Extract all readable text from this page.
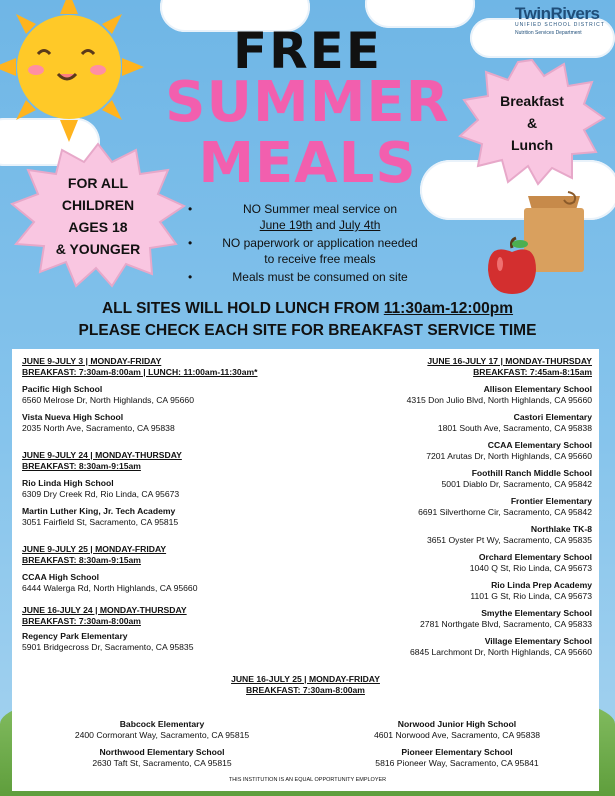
TwinRivers
UNIFIED SCHOOL DISTRICT
Nutrition Services Department
FREE
SUMMER
MEALS
FOR ALL
CHILDREN
AGES 18
& YOUNGER
Breakfast
&
Lunch
• NO Summer meal service on
June 19th and July 4th
• NO paperwork or application needed
to receive free meals
• Meals must be consumed on site
ALL SITES WILL HOLD LUNCH FROM 11:30am-12:00pm
PLEASE CHECK EACH SITE FOR BREAKFAST SERVICE TIME
JUNE 9-JULY 3 | MONDAY-FRIDAY
BREAKFAST: 7:30am-8:00am | LUNCH: 11:00am-11:30am*
Pacific High School
6560 Melrose Dr, North Highlands, CA 95660
Vista Nueva High School
2035 North Ave, Sacramento, CA 95838
JUNE 9-JULY 24 | MONDAY-THURSDAY
BREAKFAST: 8:30am-9:15am
Rio Linda High School
6309 Dry Creek Rd, Rio Linda, CA 95673
Martin Luther King, Jr. Tech Academy
3051 Fairfield St, Sacramento, CA 95815
JUNE 9-JULY 25 | MONDAY-FRIDAY
BREAKFAST: 8:30am-9:15am
CCAA High School
6444 Walerga Rd, North Highlands, CA 95660
JUNE 16-JULY 24 | MONDAY-THURSDAY
BREAKFAST: 7:30am-8:00am
Regency Park Elementary
5901 Bridgecross Dr, Sacramento, CA 95835
JUNE 16-JULY 17 | MONDAY-THURSDAY
BREAKFAST: 7:45am-8:15am
Allison Elementary School
4315 Don Julio Blvd, North Highlands, CA 95660
Castori Elementary
1801 South Ave, Sacramento, CA 95838
CCAA Elementary School
7201 Arutas Dr, North Highlands, CA 95660
Foothill Ranch Middle School
5001 Diablo Dr, Sacramento, CA 95842
Frontier Elementary
6691 Silverthorne Cir, Sacramento, CA 95842
Northlake TK-8
3651 Oyster Pt Wy, Sacramento, CA 95835
Orchard Elementary School
1040 Q St, Rio Linda, CA 95673
Rio Linda Prep Academy
1101 G St, Rio Linda, CA 95673
Smythe Elementary School
2781 Northgate Blvd, Sacramento, CA 95833
Village Elementary School
6845 Larchmont Dr, North Highlands, CA 95660
JUNE 16-JULY 25 | MONDAY-FRIDAY
BREAKFAST: 7:30am-8:00am
Babcock Elementary
2400 Cormorant Way, Sacramento, CA 95815
Northwood Elementary School
2630 Taft St, Sacramento, CA 95815
Norwood Junior High School
4601 Norwood Ave, Sacramento, CA 95838
Pioneer Elementary School
5816 Pioneer Way, Sacramento, CA 95841
THIS INSTITUTION IS AN EQUAL OPPORTUNITY EMPLOYER
